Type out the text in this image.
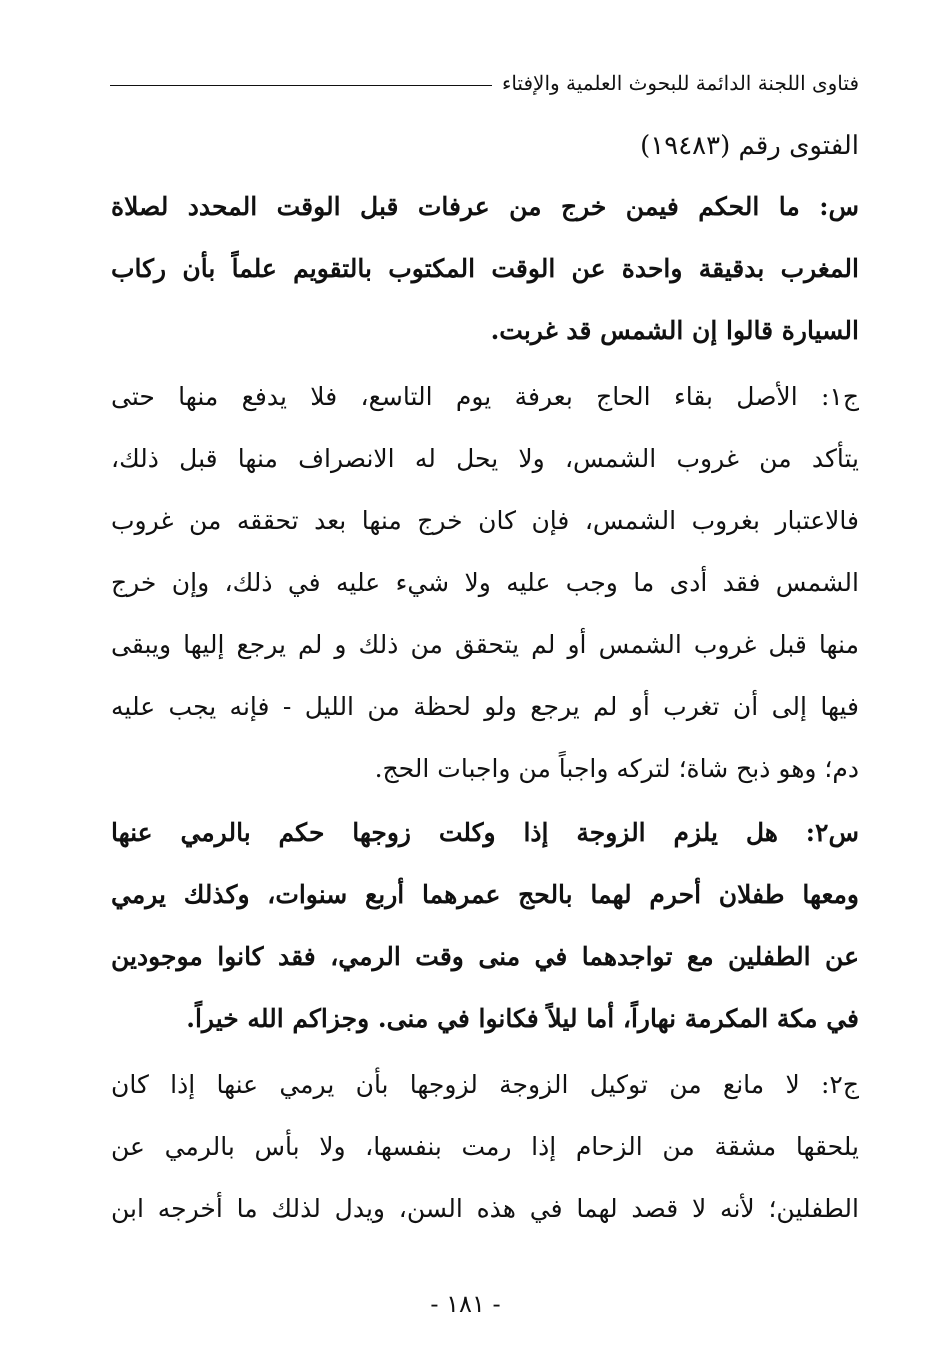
فتاوى اللجنة الدائمة للبحوث العلمية والإفتاء
الفتوى رقم (١٩٤٨٣)
س: ما الحكم فيمن خرج من عرفات قبل الوقت المحدد لصلاة
المغرب بدقيقة واحدة عن الوقت المكتوب بالتقويم علماً بأن ركاب
السيارة قالوا إن الشمس قد غربت.
ج١: الأصل بقاء الحاج بعرفة يوم التاسع، فلا يدفع منها حتى
يتأكد من غروب الشمس، ولا يحل له الانصراف منها قبل ذلك،
فالاعتبار بغروب الشمس، فإن كان خرج منها بعد تحققه من غروب
الشمس فقد أدى ما وجب عليه ولا شيء عليه في ذلك، وإن خرج
منها قبل غروب الشمس أو لم يتحقق من ذلك و لم يرجع إليها ويبقى
فيها إلى أن تغرب أو لم يرجع ولو لحظة من الليل - فإنه يجب عليه
دم؛ وهو ذبح شاة؛ لتركه واجباً من واجبات الحج.
س٢: هل يلزم الزوجة إذا وكلت زوجها حكم بالرمي عنها
ومعها طفلان أحرم لهما بالحج عمرهما أربع سنوات، وكذلك يرمي
عن الطفلين مع تواجدهما في منى وقت الرمي، فقد كانوا موجودين
في مكة المكرمة نهاراً، أما ليلاً فكانوا في منى. وجزاكم الله خيراً.
ج٢: لا مانع من توكيل الزوجة لزوجها بأن يرمي عنها إذا كان
يلحقها مشقة من الزحام إذا رمت بنفسها، ولا بأس بالرمي عن
الطفلين؛ لأنه لا قصد لهما في هذه السن، ويدل لذلك ما أخرجه ابن
- ١٨١ -
